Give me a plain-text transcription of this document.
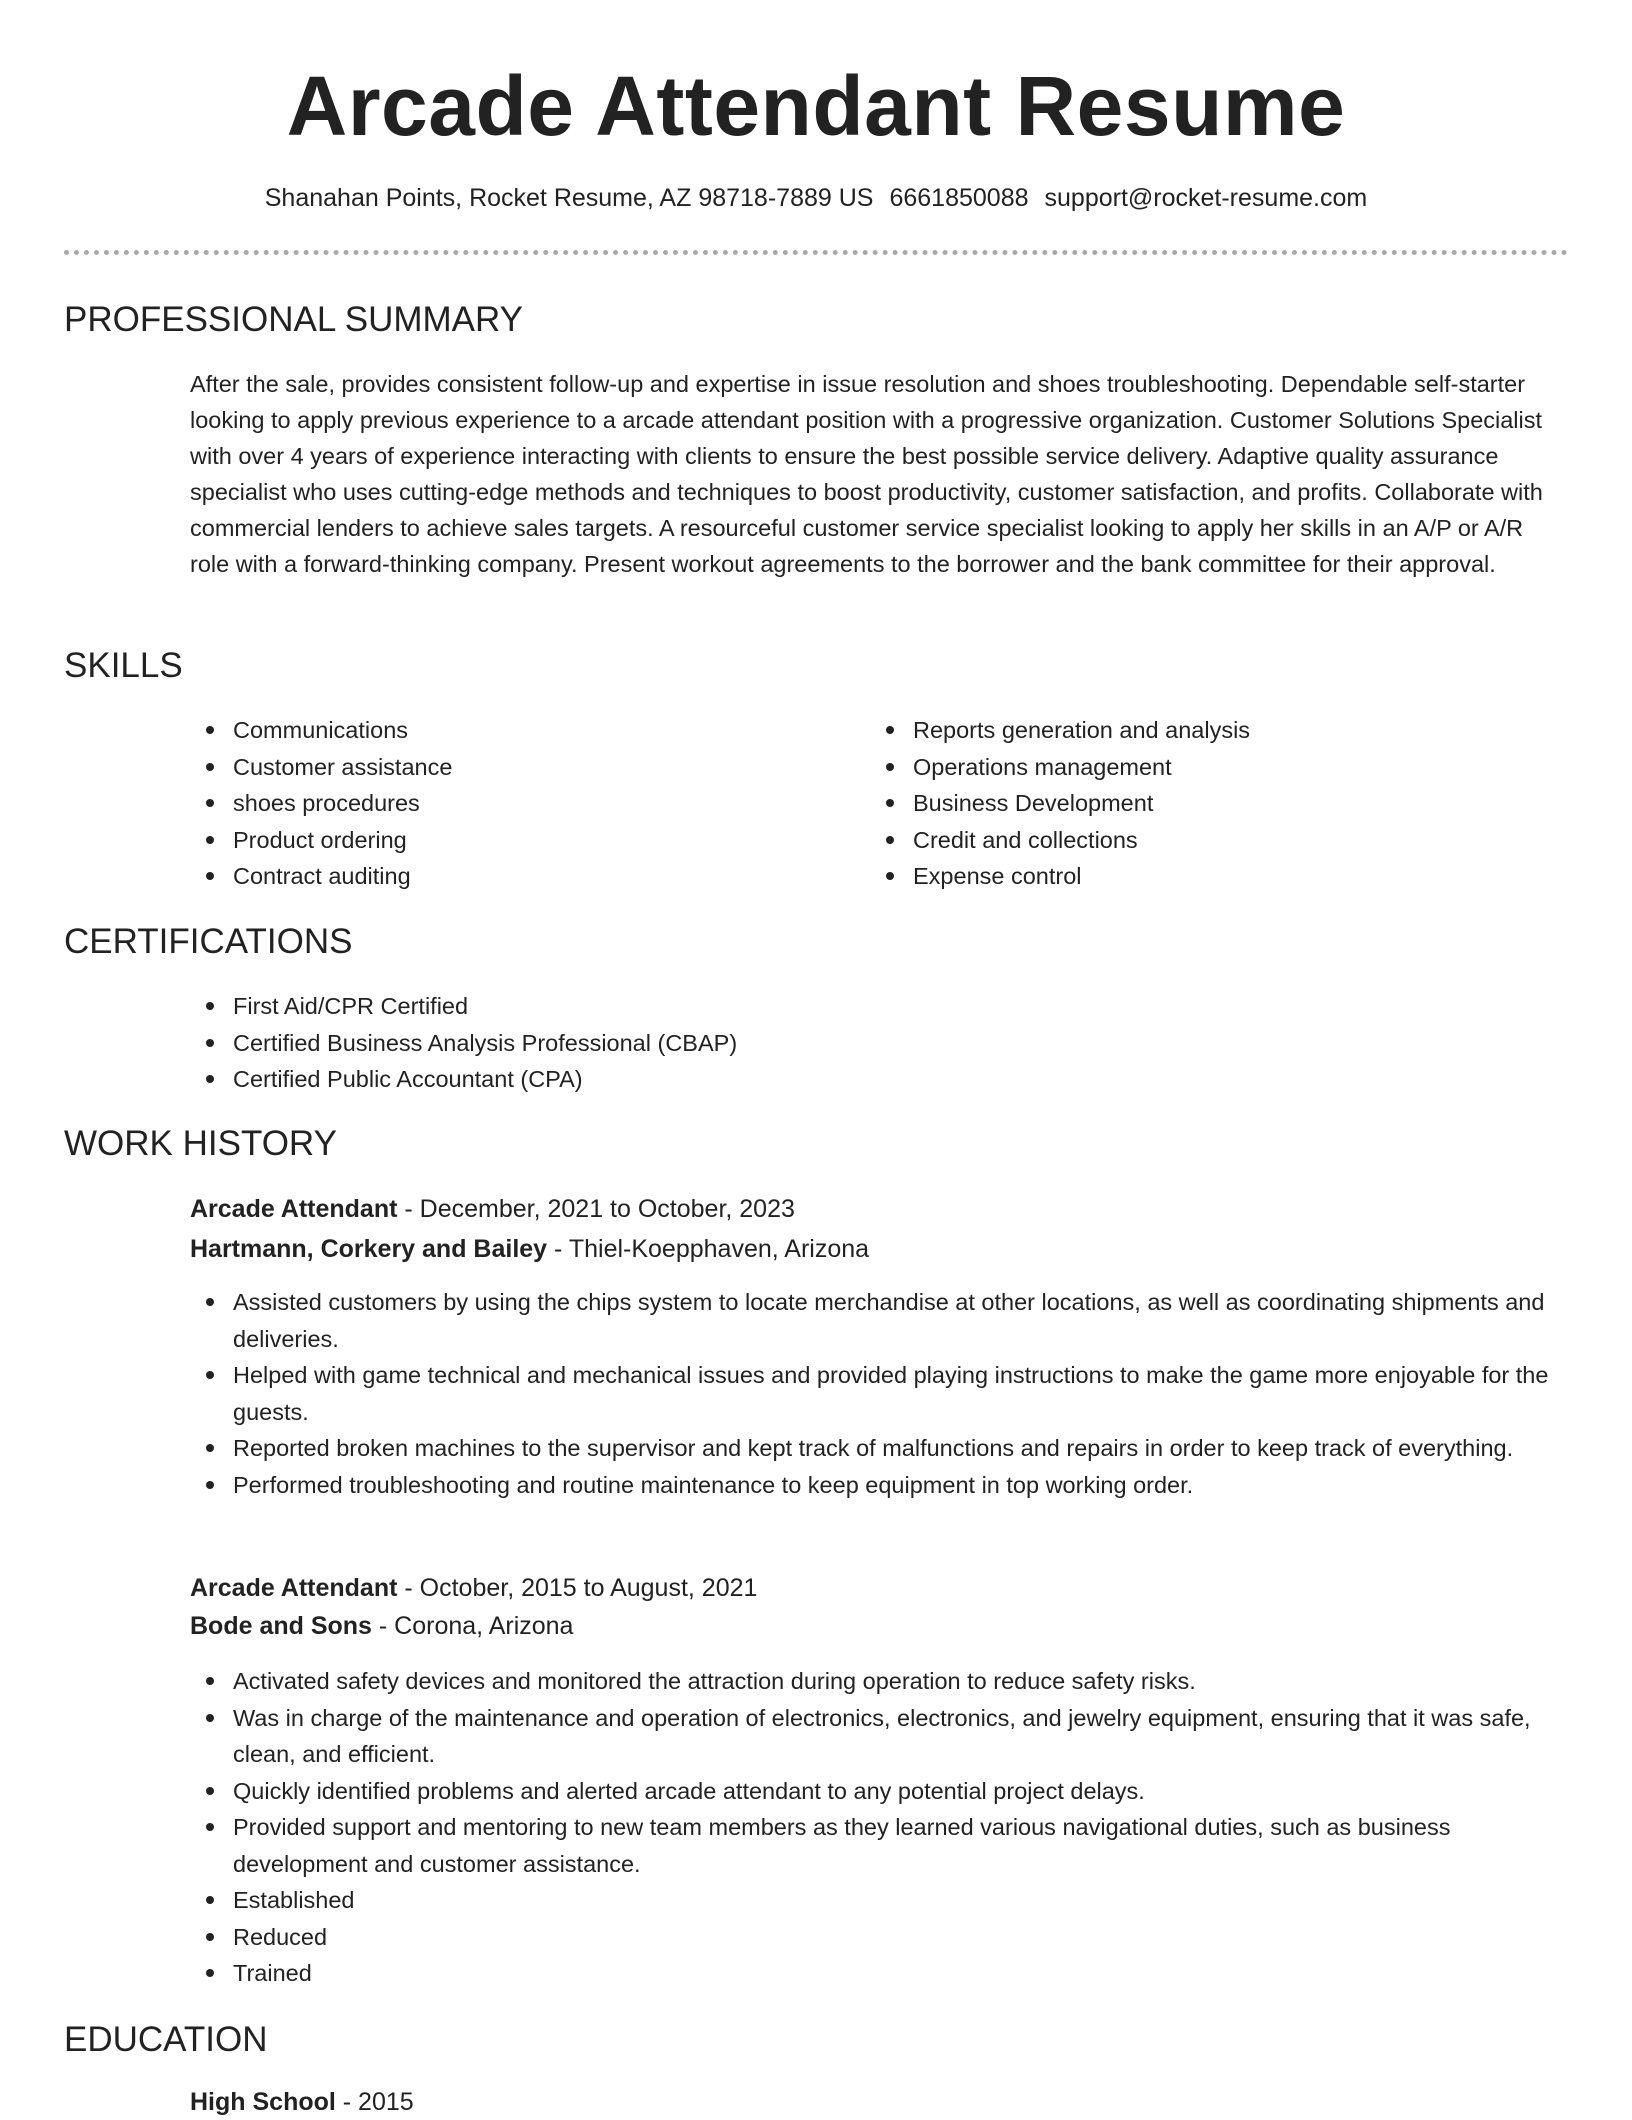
Arcade Attendant Resume
Shanahan Points, Rocket Resume, AZ 98718-7889 US 6661850088 support@rocket-resume.com
PROFESSIONAL SUMMARY

After the sale, provides consistent follow-up and expertise in issue resolution and shoes troubleshooting. Dependable self-starter looking to apply previous experience to a arcade attendant position with a progressive organization. Customer Solutions Specialist with over 4 years of experience interacting with clients to ensure the best possible service delivery. Adaptive quality assurance specialist who uses cutting-edge methods and techniques to boost productivity, customer satisfaction, and profits. Collaborate with commercial lenders to achieve sales targets. A resourceful customer service specialist looking to apply her skills in an A/P or A/R role with a forward-thinking company. Present workout agreements to the borrower and the bank committee for their approval.

SKILLS
Communications
Customer assistance
shoes procedures
Product ordering
Contract auditing
Reports generation and analysis
Operations management
Business Development
Credit and collections
Expense control
CERTIFICATIONS
First Aid/CPR Certified
Certified Business Analysis Professional (CBAP)
Certified Public Accountant (CPA)
WORK HISTORY

Arcade Attendant - December, 2021 to October, 2023

Hartmann, Corkery and Bailey - Thiel-Koepphaven, Arizona

Assisted customers by using the chips system to locate merchandise at other locations, as well as coordinating shipments and deliveries.
Helped with game technical and mechanical issues and provided playing instructions to make the game more enjoyable for the guests.
Reported broken machines to the supervisor and kept track of malfunctions and repairs in order to keep track of everything.
Performed troubleshooting and routine maintenance to keep equipment in top working order.

Arcade Attendant - October, 2015 to August, 2021

Bode and Sons - Corona, Arizona

Activated safety devices and monitored the attraction during operation to reduce safety risks.
Was in charge of the maintenance and operation of electronics, electronics, and jewelry equipment, ensuring that it was safe, clean, and efficient.
Quickly identified problems and alerted arcade attendant to any potential project delays.
Provided support and mentoring to new team members as they learned various navigational duties, such as business development and customer assistance.
Established
Reduced
Trained
EDUCATION

High School - 2015
